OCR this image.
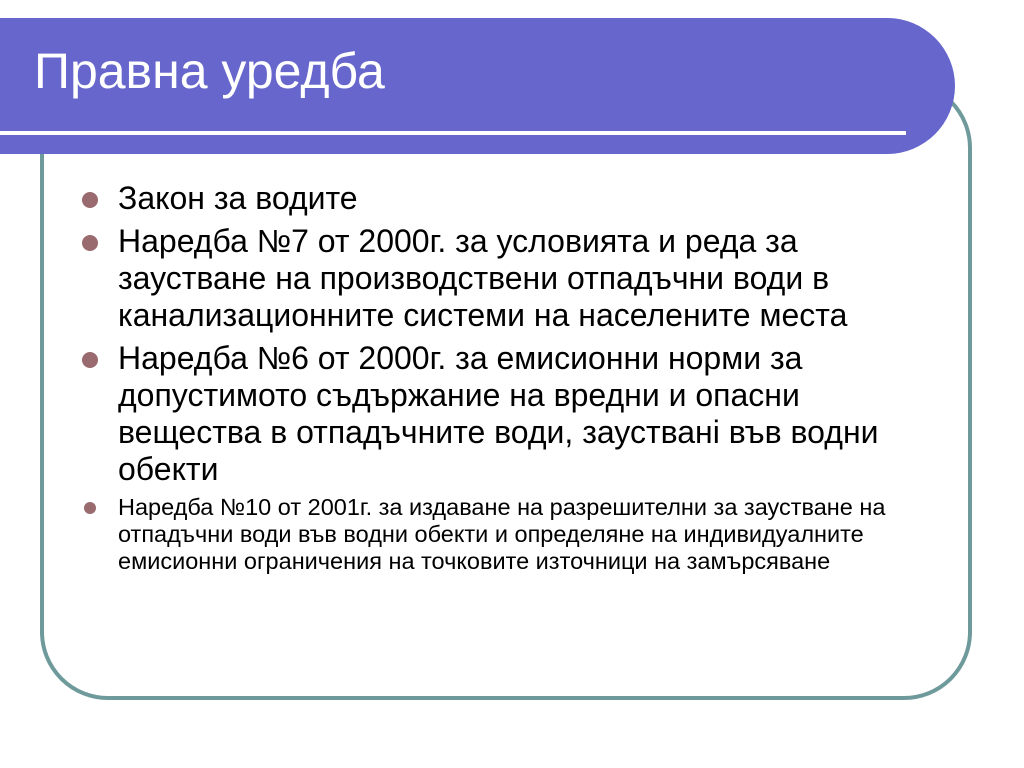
Правна уредба
Закон за водите
Наредба №7 от 2000г. за условията и реда за заустване на производствени отпадъчни води в канализационните системи на населените места
Наредба №6 от 2000г. за емисионни норми за допустимото съдържание на вредни и опасни вещества в отпадъчните води, заустванi във водни обекти
Наредба №10 от 2001г. за издаване на разрешителни за заустване на отпадъчни води във водни обекти и определяне на индивидуалните емисионни ограничения на точковите източници на замърсяване
